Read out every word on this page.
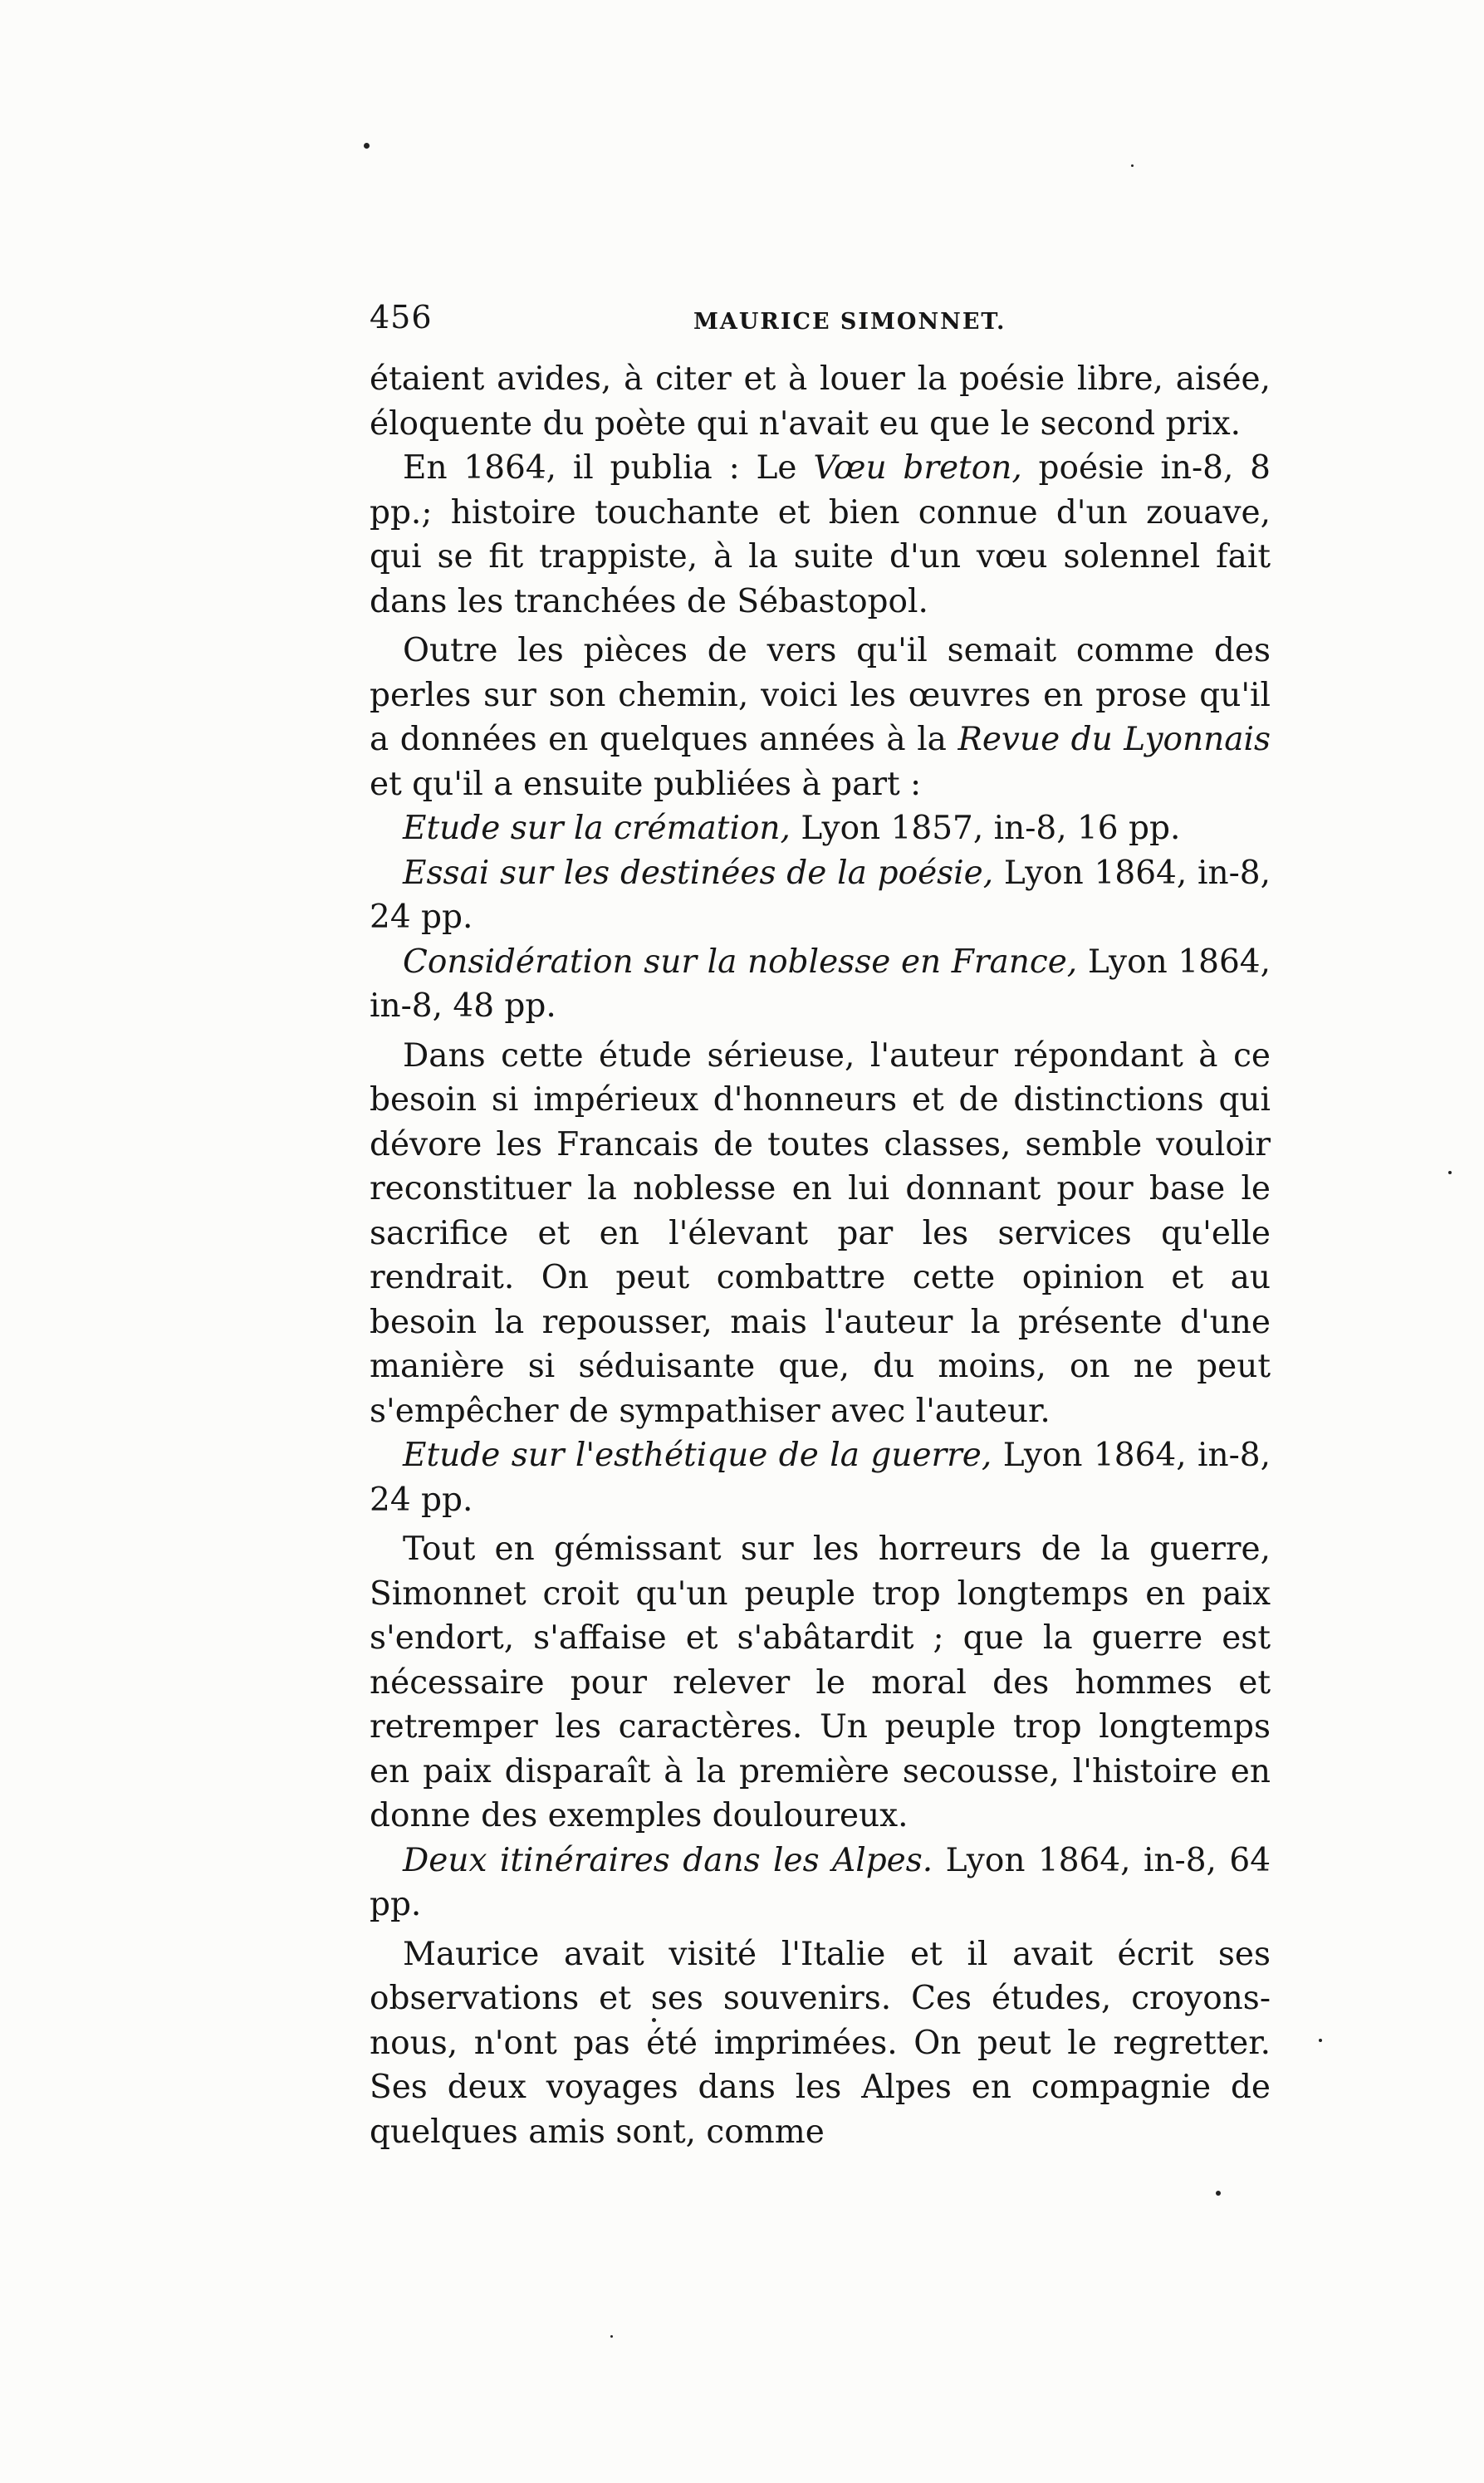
456	MAURICE SIMONNET.

étaient avides, à citer et à louer la poésie libre, aisée, éloquente du poète qui n'avait eu que le second prix.

En 1864, il publia : Le Vœu breton, poésie in-8, 8 pp.; histoire touchante et bien connue d'un zouave, qui se fit trappiste, à la suite d'un vœu solennel fait dans les tranchées de Sébastopol.

Outre les pièces de vers qu'il semait comme des perles sur son chemin, voici les œuvres en prose qu'il a données en quelques années à la Revue du Lyonnais et qu'il a ensuite publiées à part :

Etude sur la crémation, Lyon 1857, in-8, 16 pp.

Essai sur les destinées de la poésie, Lyon 1864, in-8, 24 pp.

Considération sur la noblesse en France, Lyon 1864, in-8, 48 pp.

Dans cette étude sérieuse, l'auteur répondant à ce besoin si impérieux d'honneurs et de distinctions qui dévore les Francais de toutes classes, semble vouloir reconstituer la noblesse en lui donnant pour base le sacrifice et en l'élevant par les services qu'elle rendrait. On peut combattre cette opinion et au besoin la repousser, mais l'auteur la présente d'une manière si séduisante que, du moins, on ne peut s'empêcher de sympathiser avec l'auteur.

Etude sur l'esthétique de la guerre, Lyon 1864, in-8, 24 pp.

Tout en gémissant sur les horreurs de la guerre, Simonnet croit qu'un peuple trop longtemps en paix s'endort, s'affaise et s'abâtardit ; que la guerre est nécessaire pour relever le moral des hommes et retremper les caractères. Un peuple trop longtemps en paix disparaît à la première secousse, l'histoire en donne des exemples douloureux.

Deux itinéraires dans les Alpes. Lyon 1864, in-8, 64 pp.

Maurice avait visité l'Italie et il avait écrit ses observations et ses souvenirs. Ces études, croyons-nous, n'ont pas été imprimées. On peut le regretter. Ses deux voyages dans les Alpes en compagnie de quelques amis sont, comme
